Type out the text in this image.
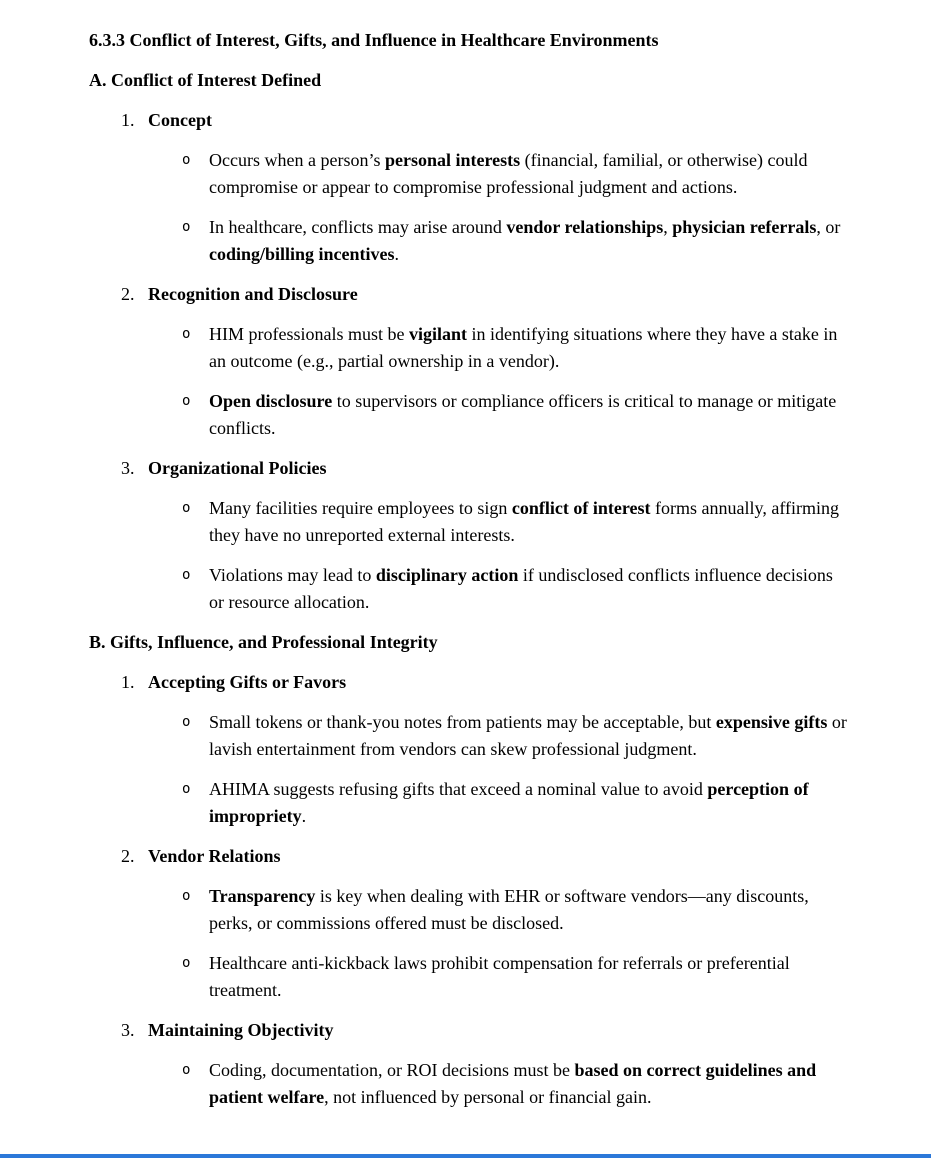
6.3.3 Conflict of Interest, Gifts, and Influence in Healthcare Environments
A. Conflict of Interest Defined
1. Concept
o	Occurs when a person’s personal interests (financial, familial, or otherwise) could compromise or appear to compromise professional judgment and actions.
o	In healthcare, conflicts may arise around vendor relationships, physician referrals, or coding/billing incentives.
2. Recognition and Disclosure
o	HIM professionals must be vigilant in identifying situations where they have a stake in an outcome (e.g., partial ownership in a vendor).
o	Open disclosure to supervisors or compliance officers is critical to manage or mitigate conflicts.
3. Organizational Policies
o	Many facilities require employees to sign conflict of interest forms annually, affirming they have no unreported external interests.
o	Violations may lead to disciplinary action if undisclosed conflicts influence decisions or resource allocation.
B. Gifts, Influence, and Professional Integrity
1. Accepting Gifts or Favors
o	Small tokens or thank-you notes from patients may be acceptable, but expensive gifts or lavish entertainment from vendors can skew professional judgment.
o	AHIMA suggests refusing gifts that exceed a nominal value to avoid perception of impropriety.
2. Vendor Relations
o	Transparency is key when dealing with EHR or software vendors—any discounts, perks, or commissions offered must be disclosed.
o	Healthcare anti-kickback laws prohibit compensation for referrals or preferential treatment.
3. Maintaining Objectivity
o	Coding, documentation, or ROI decisions must be based on correct guidelines and patient welfare, not influenced by personal or financial gain.
